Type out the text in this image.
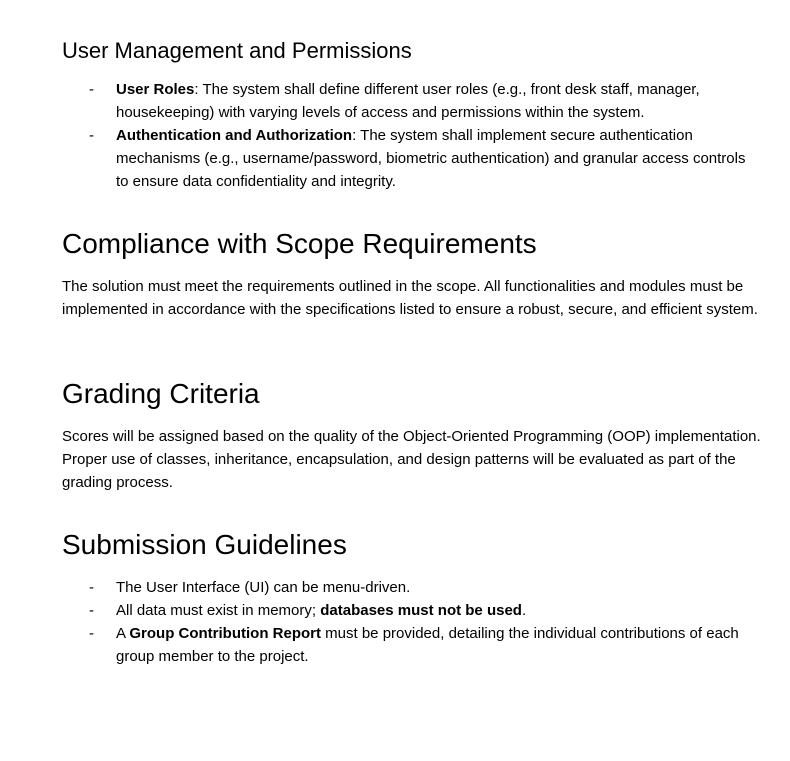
User Management and Permissions
-	User Roles: The system shall define different user roles (e.g., front desk staff, manager, housekeeping) with varying levels of access and permissions within the system.
-	Authentication and Authorization: The system shall implement secure authentication mechanisms (e.g., username/password, biometric authentication) and granular access controls to ensure data confidentiality and integrity.
Compliance with Scope Requirements

The solution must meet the requirements outlined in the scope. All functionalities and modules must be implemented in accordance with the specifications listed to ensure a robust, secure, and efficient system.

Grading Criteria

Scores will be assigned based on the quality of the Object-Oriented Programming (OOP) implementation. Proper use of classes, inheritance, encapsulation, and design patterns will be evaluated as part of the grading process.

Submission Guidelines
-	The User Interface (UI) can be menu-driven.
-	All data must exist in memory; databases must not be used.
-	A Group Contribution Report must be provided, detailing the individual contributions of each group member to the project.
